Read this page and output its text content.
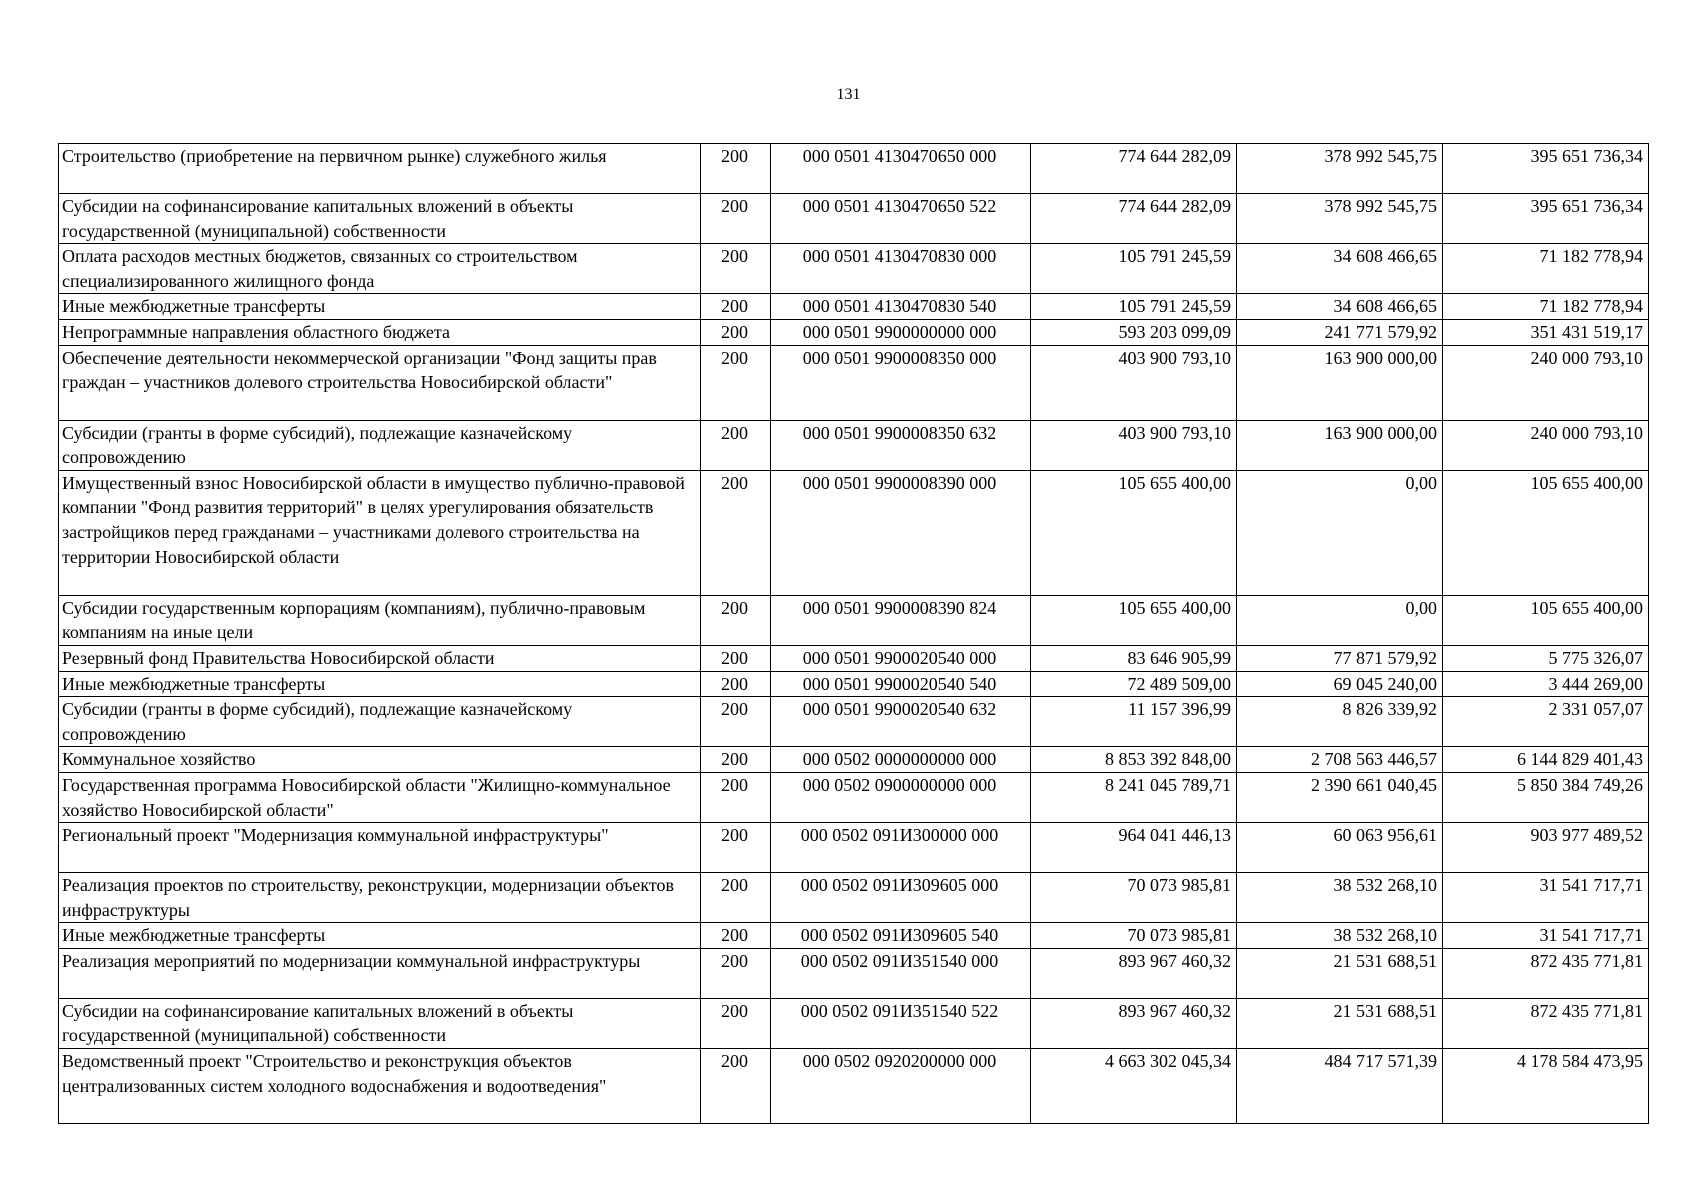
131
Строительство (приобретение на первичном рынке) служебного жилья	200	000 0501 4130470650 000	774 644 282,09	378 992 545,75	395 651 736,34
Субсидии на софинансирование капитальных вложений в объекты государственной (муниципальной) собственности	200	000 0501 4130470650 522	774 644 282,09	378 992 545,75	395 651 736,34
Оплата расходов местных бюджетов, связанных со строительством специализированного жилищного фонда	200	000 0501 4130470830 000	105 791 245,59	34 608 466,65	71 182 778,94
Иные межбюджетные трансферты	200	000 0501 4130470830 540	105 791 245,59	34 608 466,65	71 182 778,94
Непрограммные направления областного бюджета	200	000 0501 9900000000 000	593 203 099,09	241 771 579,92	351 431 519,17
Обеспечение деятельности некоммерческой организации "Фонд защиты прав граждан – участников долевого строительства Новосибирской области"	200	000 0501 9900008350 000	403 900 793,10	163 900 000,00	240 000 793,10
Субсидии (гранты в форме субсидий), подлежащие казначейскому сопровождению	200	000 0501 9900008350 632	403 900 793,10	163 900 000,00	240 000 793,10
Имущественный взнос Новосибирской области в имущество публично-правовой компании "Фонд развития территорий" в целях урегулирования обязательств застройщиков перед гражданами – участниками долевого строительства на территории Новосибирской области	200	000 0501 9900008390 000	105 655 400,00	0,00	105 655 400,00
Субсидии государственным корпорациям (компаниям), публично-правовым компаниям на иные цели	200	000 0501 9900008390 824	105 655 400,00	0,00	105 655 400,00
Резервный фонд Правительства Новосибирской области	200	000 0501 9900020540 000	83 646 905,99	77 871 579,92	5 775 326,07
Иные межбюджетные трансферты	200	000 0501 9900020540 540	72 489 509,00	69 045 240,00	3 444 269,00
Субсидии (гранты в форме субсидий), подлежащие казначейскому сопровождению	200	000 0501 9900020540 632	11 157 396,99	8 826 339,92	2 331 057,07
Коммунальное хозяйство	200	000 0502 0000000000 000	8 853 392 848,00	2 708 563 446,57	6 144 829 401,43
Государственная программа Новосибирской области "Жилищно-коммунальное хозяйство Новосибирской области"	200	000 0502 0900000000 000	8 241 045 789,71	2 390 661 040,45	5 850 384 749,26
Региональный проект "Модернизация коммунальной инфраструктуры"	200	000 0502 091И300000 000	964 041 446,13	60 063 956,61	903 977 489,52
Реализация проектов по строительству, реконструкции, модернизации объектов инфраструктуры	200	000 0502 091И309605 000	70 073 985,81	38 532 268,10	31 541 717,71
Иные межбюджетные трансферты	200	000 0502 091И309605 540	70 073 985,81	38 532 268,10	31 541 717,71
Реализация мероприятий по модернизации коммунальной инфраструктуры	200	000 0502 091И351540 000	893 967 460,32	21 531 688,51	872 435 771,81
Субсидии на софинансирование капитальных вложений в объекты государственной (муниципальной) собственности	200	000 0502 091И351540 522	893 967 460,32	21 531 688,51	872 435 771,81
Ведомственный проект "Строительство и реконструкция объектов централизованных систем холодного водоснабжения и водоотведения"	200	000 0502 0920200000 000	4 663 302 045,34	484 717 571,39	4 178 584 473,95
